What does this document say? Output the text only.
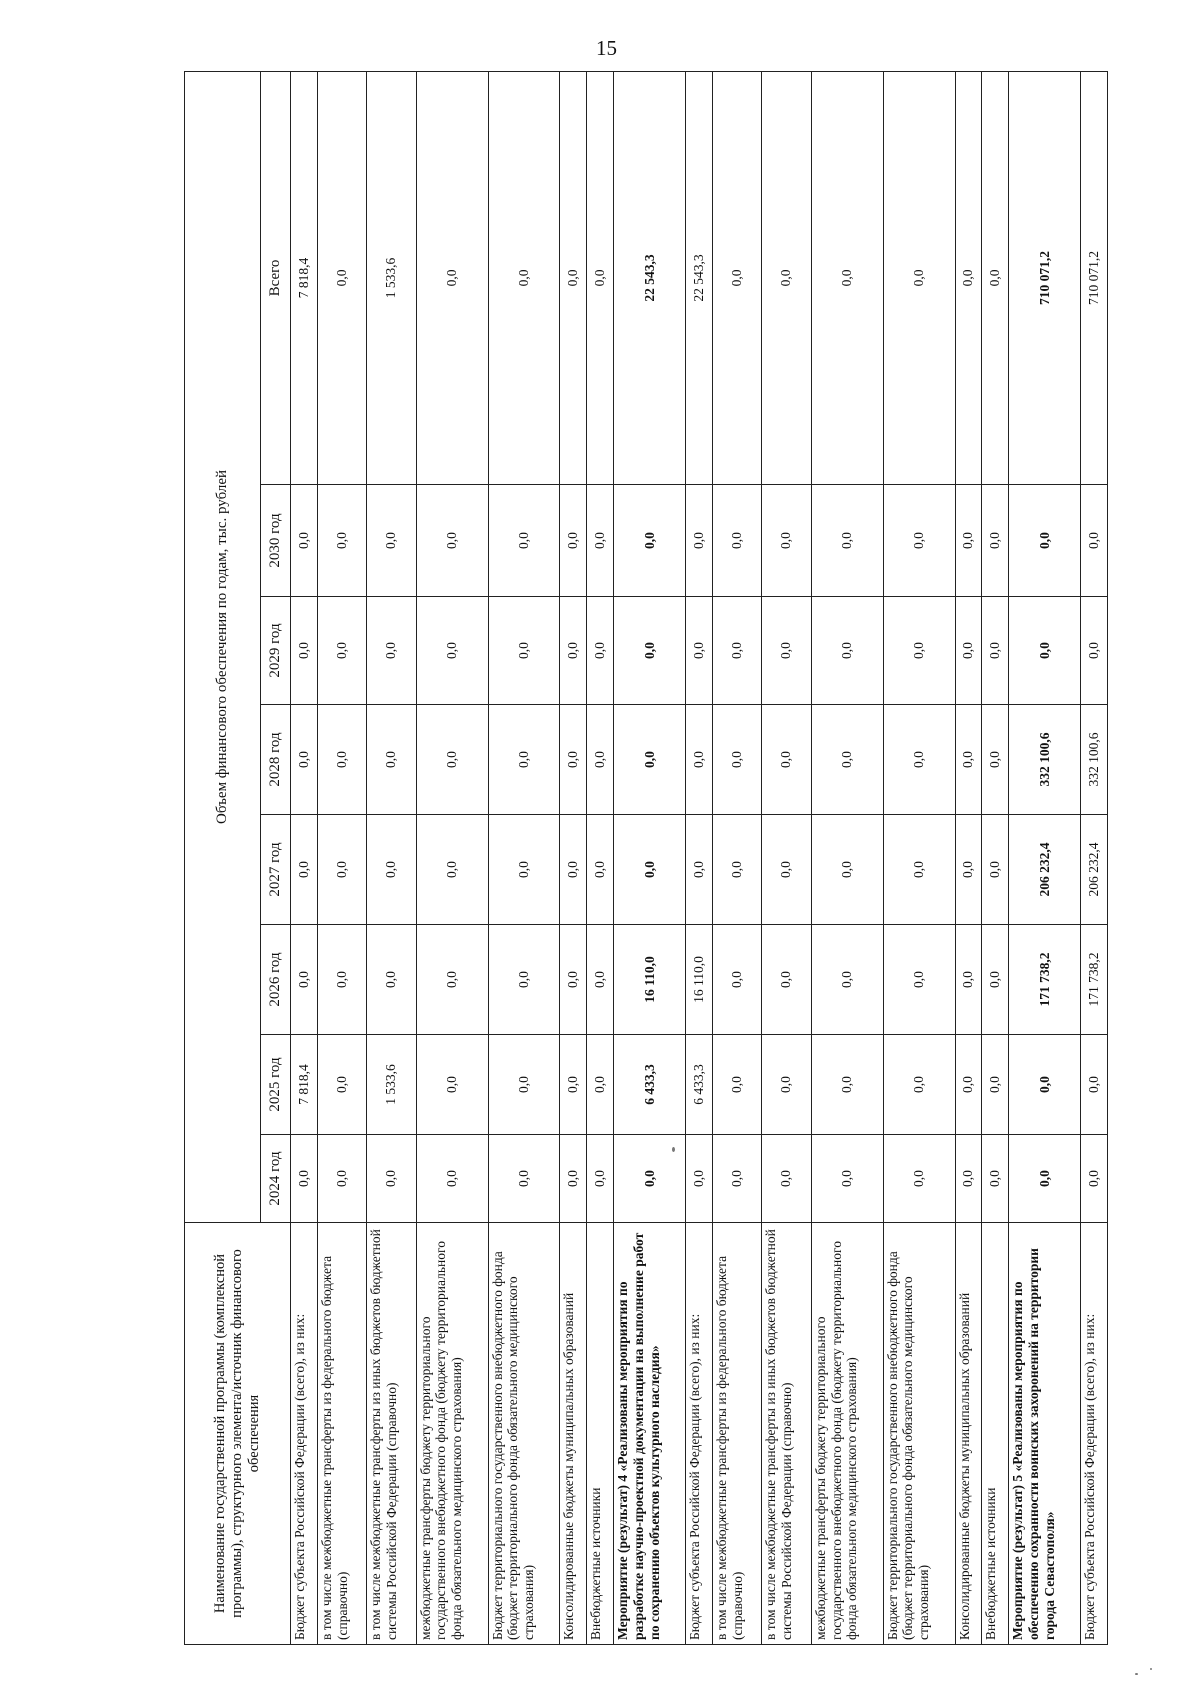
15
Наименование государственной программы (комплексной программы), структурного элемента/источник финансового обеспечения	Объем финансового обеспечения по годам, тыс. рублей							
	2024 год	2025 год	2026 год	2027 год	2028 год	2029 год	2030 год	Всего
Бюджет субъекта Российской Федерации (всего), из них:	0,0	7 818,4	0,0	0,0	0,0	0,0	0,0	7 818,4
в том числе межбюджетные трансферты из федерального бюджета (справочно)	0,0	0,0	0,0	0,0	0,0	0,0	0,0	0,0
в том числе межбюджетные трансферты из иных бюджетов бюджетной системы Российской Федерации (справочно)	0,0	1 533,6	0,0	0,0	0,0	0,0	0,0	1 533,6
межбюджетные трансферты бюджету территориального государственного внебюджетного фонда (бюджету территориального фонда обязательного медицинского страхования)	0,0	0,0	0,0	0,0	0,0	0,0	0,0	0,0
Бюджет территориального государственного внебюджетного фонда (бюджет территориального фонда обязательного медицинского страхования)	0,0	0,0	0,0	0,0	0,0	0,0	0,0	0,0
Консолидированные бюджеты муниципальных образований	0,0	0,0	0,0	0,0	0,0	0,0	0,0	0,0
Внебюджетные источники	0,0	0,0	0,0	0,0	0,0	0,0	0,0	0,0
Мероприятие (результат) 4 «Реализованы мероприятия по разработке научно-проектной документации на выполнение работ по сохранению объектов культурного наследия»	0,0	6 433,3	16 110,0	0,0	0,0	0,0	0,0	22 543,3
Бюджет субъекта Российской Федерации (всего), из них:	0,0	6 433,3	16 110,0	0,0	0,0	0,0	0,0	22 543,3
в том числе межбюджетные трансферты из федерального бюджета (справочно)	0,0	0,0	0,0	0,0	0,0	0,0	0,0	0,0
в том числе межбюджетные трансферты из иных бюджетов бюджетной системы Российской Федерации (справочно)	0,0	0,0	0,0	0,0	0,0	0,0	0,0	0,0
межбюджетные трансферты бюджету территориального государственного внебюджетного фонда (бюджету территориального фонда обязательного медицинского страхования)	0,0	0,0	0,0	0,0	0,0	0,0	0,0	0,0
Бюджет территориального государственного внебюджетного фонда (бюджет территориального фонда обязательного медицинского страхования)	0,0	0,0	0,0	0,0	0,0	0,0	0,0	0,0
Консолидированные бюджеты муниципальных образований	0,0	0,0	0,0	0,0	0,0	0,0	0,0	0,0
Внебюджетные источники	0,0	0,0	0,0	0,0	0,0	0,0	0,0	0,0
Мероприятие (результат) 5 «Реализованы мероприятия по обеспечению сохранности воинских захоронений на территории города Севастополя»	0,0	0,0	171 738,2	206 232,4	332 100,6	0,0	0,0	710 071,2
Бюджет субъекта Российской Федерации (всего), из них:	0,0	0,0	171 738,2	206 232,4	332 100,6	0,0	0,0	710 071,2
